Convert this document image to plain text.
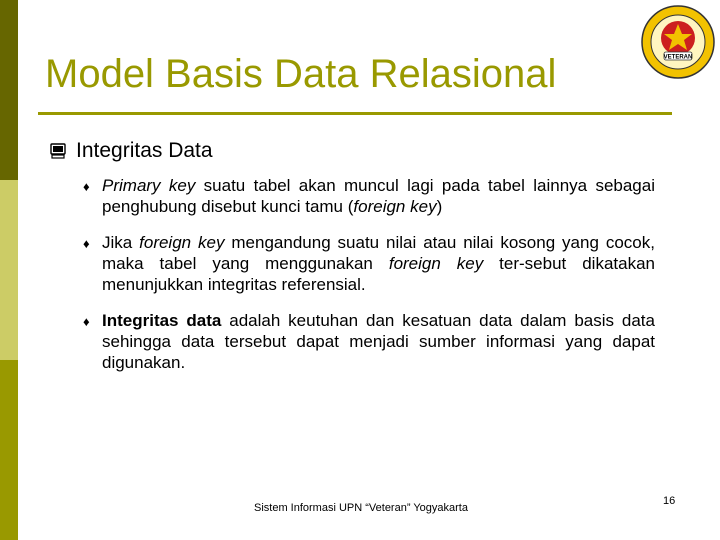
Model Basis Data Relasional	VETERAN
Integritas Data
♦ Primary key suatu tabel akan muncul lagi pada tabel lainnya sebagai penghubung disebut kunci tamu (foreign key)
♦ Jika foreign key mengandung suatu nilai atau nilai kosong yang cocok, maka tabel yang menggunakan foreign key ter-sebut dikatakan menunjukkan integritas referensial.
♦ Integritas data adalah keutuhan dan kesatuan data dalam basis data sehingga data tersebut dapat menjadi sumber informasi yang dapat digunakan.
Sistem Informasi UPN “Veteran” Yogyakarta
16
